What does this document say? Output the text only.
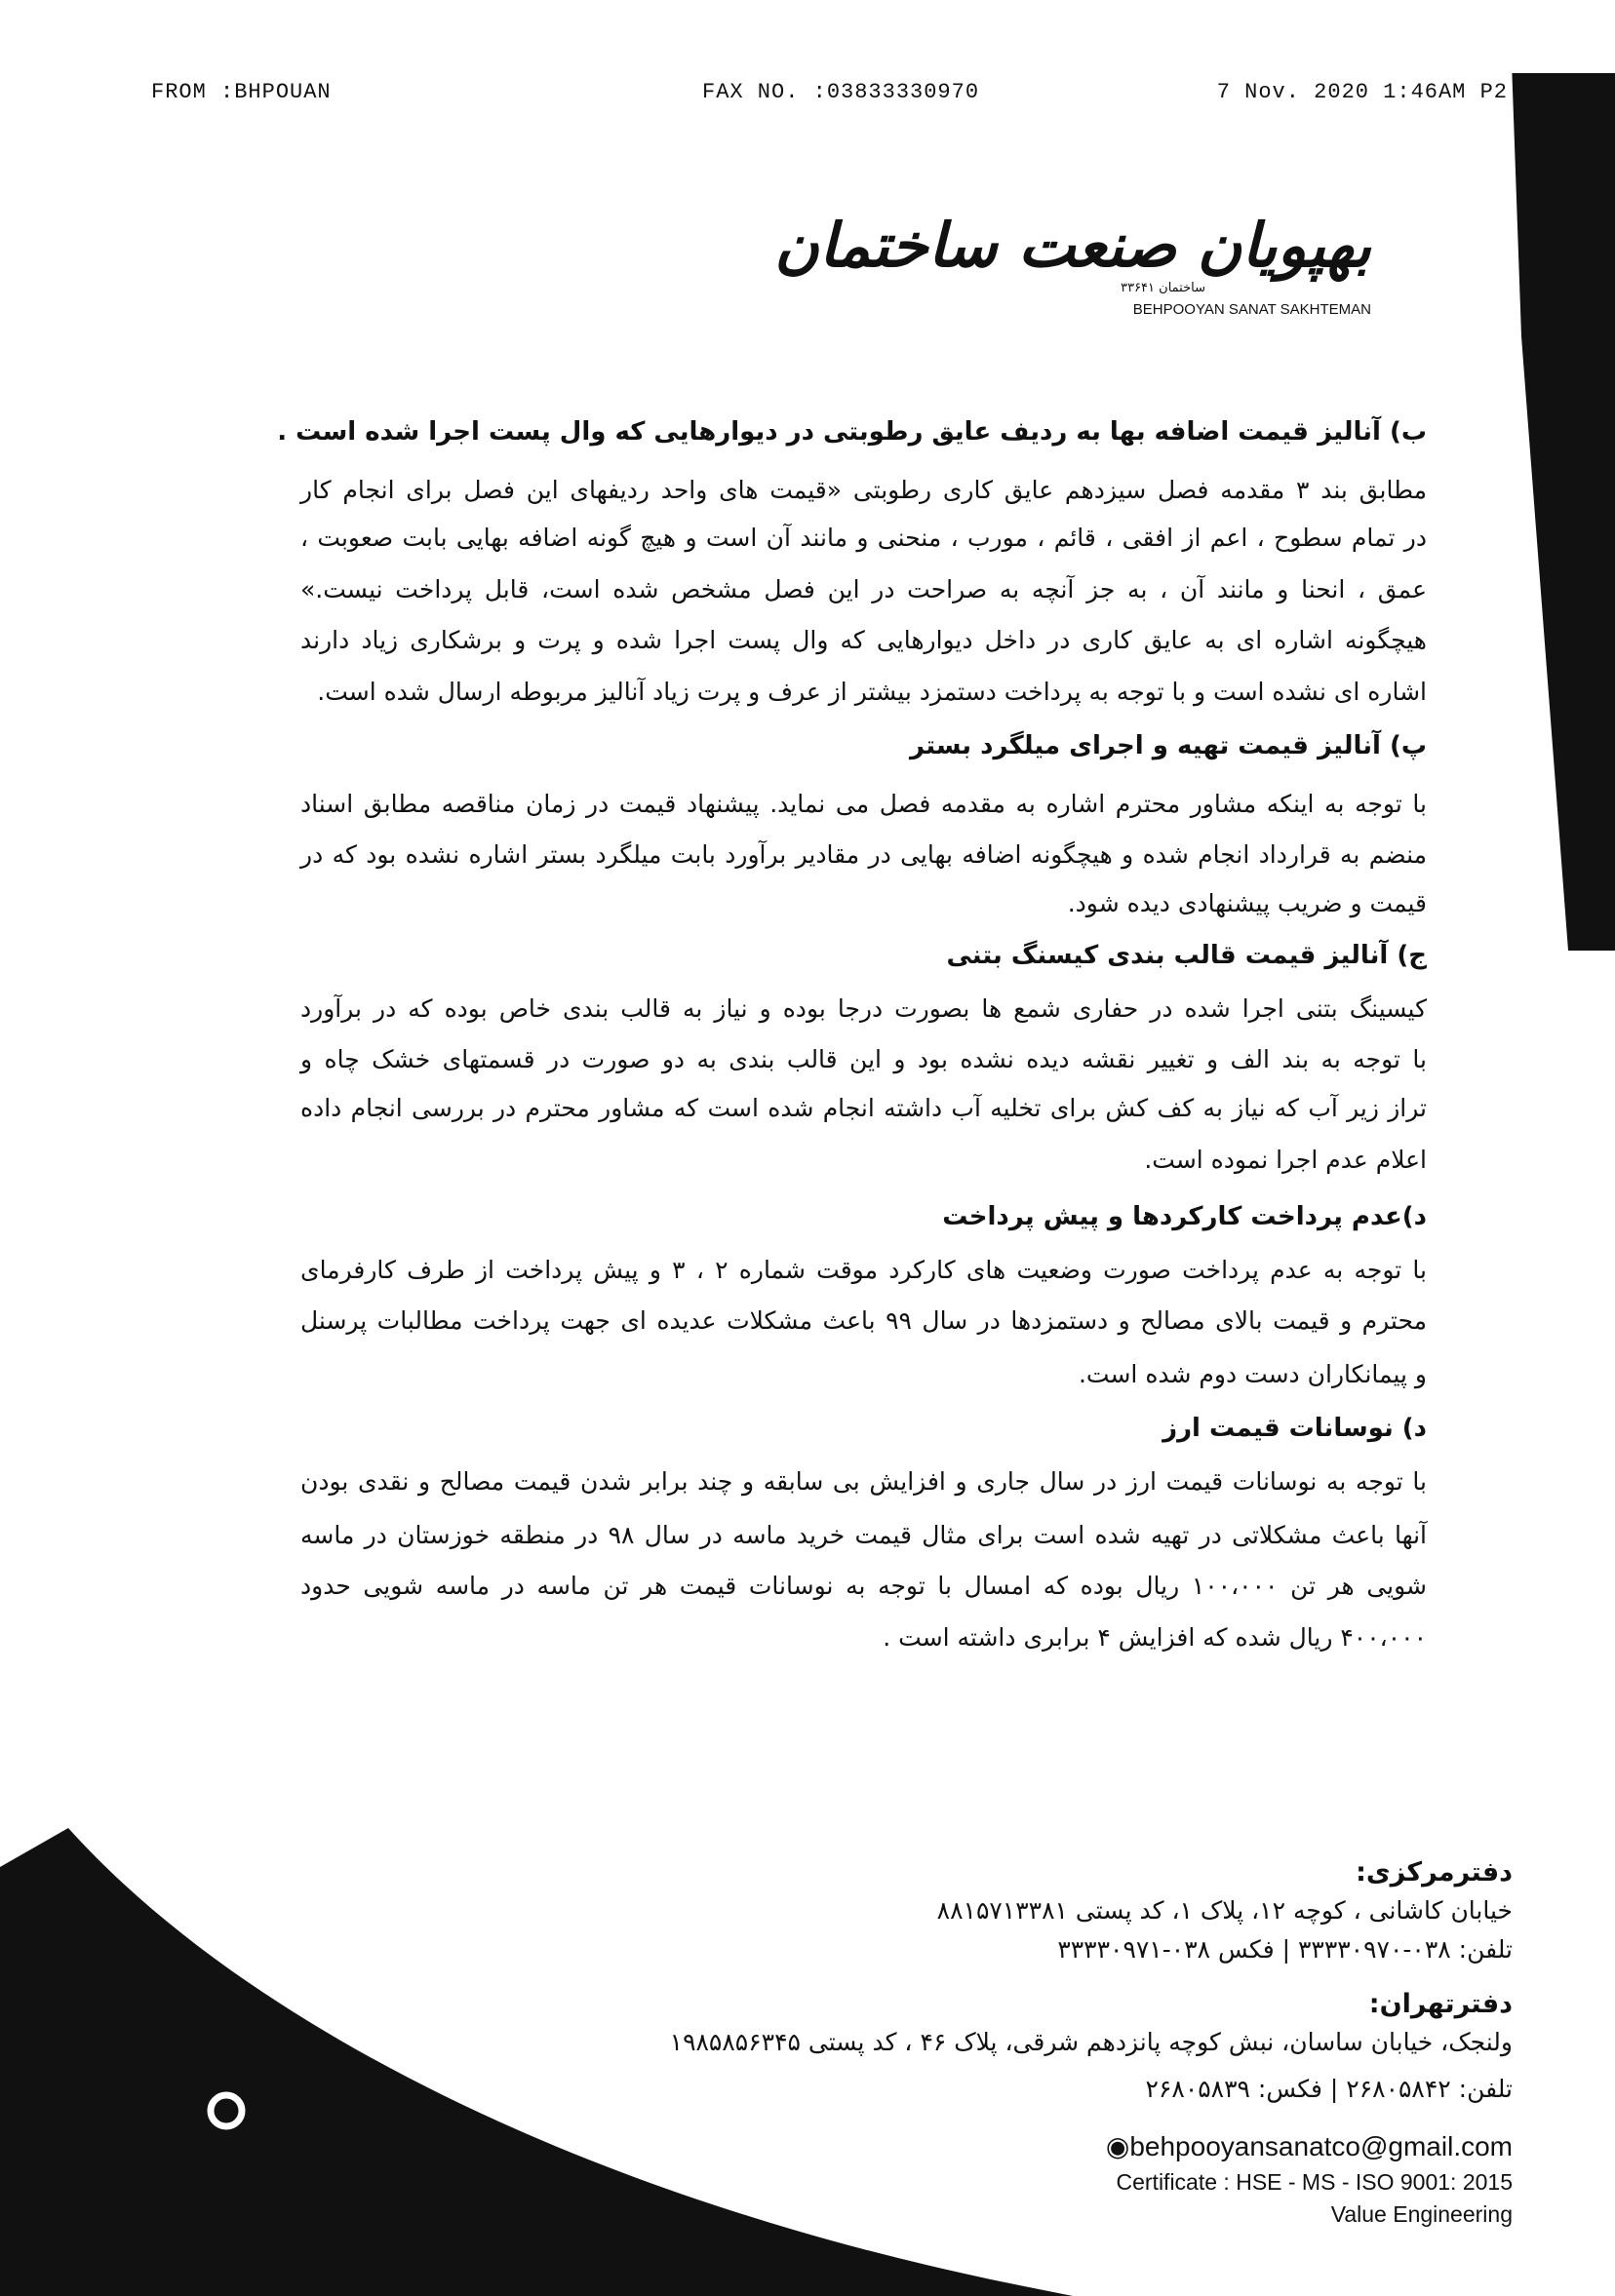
FROM :BHPOUAN	FAX NO. :03833330970	7 Nov. 2020 1:46AM P2
بهپویان صنعت ساختمان
ساختمان ۳۳۶۴۱
BEHPOOYAN SANAT SAKHTEMAN
ب) آنالیز قیمت اضافه بها به ردیف عایق رطوبتی در دیوارهایی که وال پست اجرا شده است .
مطابق بند ۳ مقدمه فصل سیزدهم عایق کاری رطوبتی «قیمت های واحد ردیفهای این فصل برای انجام کار
در تمام سطوح ، اعم از افقی ، قائم ، مورب ، منحنی و مانند آن است و هیچ گونه اضافه بهایی بابت صعوبت ،
عمق ، انحنا و مانند آن ، به جز آنچه به صراحت در این فصل مشخص شده است، قابل پرداخت نیست.»
هیچگونه اشاره ای به عایق کاری در داخل دیوارهایی که وال پست اجرا شده و پرت و برشکاری زیاد دارند
اشاره ای نشده است و با توجه به پرداخت دستمزد بیشتر از عرف و پرت زیاد آنالیز مربوطه ارسال شده است.
پ) آنالیز قیمت تهیه و اجرای میلگرد بستر
با توجه به اینکه مشاور محترم اشاره به مقدمه فصل می نماید. پیشنهاد قیمت در زمان مناقصه مطابق اسناد
منضم به قرارداد انجام شده و هیچگونه اضافه بهایی در مقادیر برآورد بابت میلگرد بستر اشاره نشده بود که در
قیمت و ضریب پیشنهادی دیده شود.
ج) آنالیز قیمت قالب بندی کیسنگ بتنی
کیسینگ بتنی اجرا شده در حفاری شمع ها بصورت درجا بوده و نیاز به قالب بندی خاص بوده که در برآورد
با توجه به بند الف و تغییر نقشه دیده نشده بود و این قالب بندی به دو صورت در قسمتهای خشک چاه و
تراز زیر آب که نیاز به کف کش برای تخلیه آب داشته انجام شده است که مشاور محترم در بررسی انجام داده
اعلام عدم اجرا نموده است.
د)عدم پرداخت کارکردها و پیش پرداخت
با توجه به عدم پرداخت صورت وضعیت های کارکرد موقت شماره ۲ ، ۳ و پیش پرداخت از طرف کارفرمای
محترم و قیمت بالای مصالح و دستمزدها در سال ۹۹ باعث مشکلات عدیده ای جهت پرداخت مطالبات پرسنل
و پیمانکاران دست دوم شده است.
د) نوسانات قیمت ارز
با توجه به نوسانات قیمت ارز در سال جاری و افزایش بی سابقه و چند برابر شدن قیمت مصالح و نقدی بودن
آنها باعث مشکلاتی در تهیه شده است برای مثال قیمت خرید ماسه در سال ۹۸ در منطقه خوزستان در ماسه
شویی هر تن ۱۰۰،۰۰۰ ریال بوده که امسال با توجه به نوسانات قیمت هر تن ماسه در ماسه شویی حدود
۴۰۰،۰۰۰ ریال شده که افزایش ۴ برابری داشته است .
دفترمرکزی:
خیابان کاشانی ، کوچه ۱۲، پلاک ۱، کد پستی ۸۸۱۵۷۱۳۳۸۱
تلفن: ۰۳۸-۳۳۳۳۰۹۷۰ | فکس ۰۳۸-۳۳۳۳۰۹۷۱
دفترتهران:
ولنجک، خیابان ساسان، نبش کوچه پانزدهم شرقی، پلاک ۴۶ ، کد پستی ۱۹۸۵۸۵۶۳۴۵
تلفن: ۲۶۸۰۵۸۴۲ | فکس: ۲۶۸۰۵۸۳۹
◉behpooyansanatco@gmail.com
Certificate : HSE - MS - ISO 9001: 2015
Value Engineering
